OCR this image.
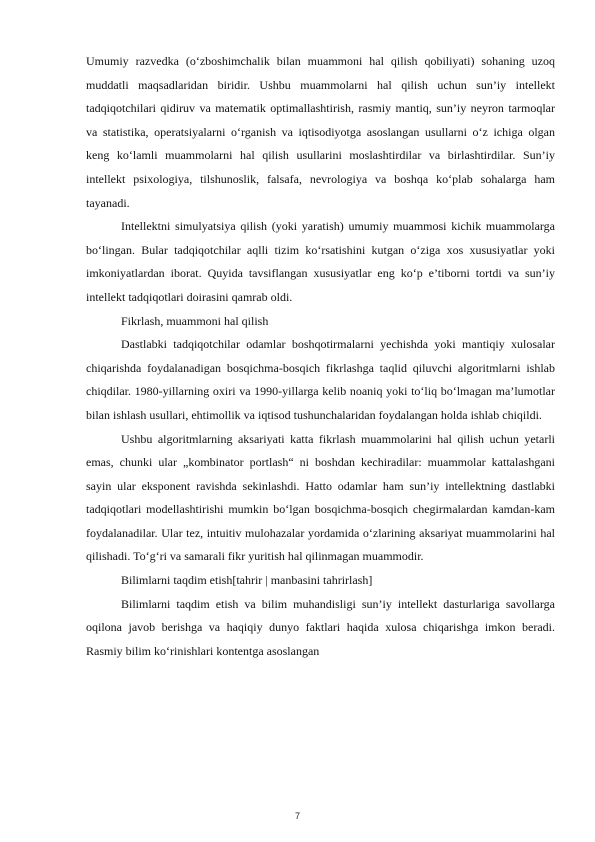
Umumiy razvedka (o‘zboshimchalik bilan muammoni hal qilish qobiliyati) sohaning uzoq muddatli maqsadlaridan biridir. Ushbu muammolarni hal qilish uchun sun’iy intellekt tadqiqotchilari qidiruv va matematik optimallashtirish, rasmiy mantiq, sun’iy neyron tarmoqlar va statistika, operatsiyalarni o‘rganish va iqtisodiyotga asoslangan usullarni o‘z ichiga olgan keng ko‘lamli muammolarni hal qilish usullarini moslashtirdilar va birlashtirdilar. Sun’iy intellekt psixologiya, tilshunoslik, falsafa, nevrologiya va boshqa ko‘plab sohalarga ham tayanadi.

Intellektni simulyatsiya qilish (yoki yaratish) umumiy muammosi kichik muammolarga bo‘lingan. Bular tadqiqotchilar aqlli tizim ko‘rsatishini kutgan o‘ziga xos xususiyatlar yoki imkoniyatlardan iborat. Quyida tavsiflangan xususiyatlar eng ko‘p e’tiborni tortdi va sun’iy intellekt tadqiqotlari doirasini qamrab oldi.

Fikrlash, muammoni hal qilish

Dastlabki tadqiqotchilar odamlar boshqotirmalarni yechishda yoki mantiqiy xulosalar chiqarishda foydalanadigan bosqichma-bosqich fikrlashga taqlid qiluvchi algoritmlarni ishlab chiqdilar. 1980-yillarning oxiri va 1990-yillarga kelib noaniq yoki to‘liq bo‘lmagan ma’lumotlar bilan ishlash usullari, ehtimollik va iqtisod tushunchalaridan foydalangan holda ishlab chiqildi.

Ushbu algoritmlarning aksariyati katta fikrlash muammolarini hal qilish uchun yetarli emas, chunki ular „kombinator portlash“ ni boshdan kechiradilar: muammolar kattalashgani sayin ular eksponent ravishda sekinlashdi. Hatto odamlar ham sun’iy intellektning dastlabki tadqiqotlari modellashtirishi mumkin bo‘lgan bosqichma-bosqich chegirmalardan kamdan-kam foydalanadilar. Ular tez, intuitiv mulohazalar yordamida o‘zlarining aksariyat muammolarini hal qilishadi. To‘g‘ri va samarali fikr yuritish hal qilinmagan muammodir.

Bilimlarni taqdim etish[tahrir | manbasini tahrirlash]

Bilimlarni taqdim etish va bilim muhandisligi sun’iy intellekt dasturlariga savollarga oqilona javob berishga va haqiqiy dunyo faktlari haqida xulosa chiqarishga imkon beradi. Rasmiy bilim ko‘rinishlari kontentga asoslangan

7
